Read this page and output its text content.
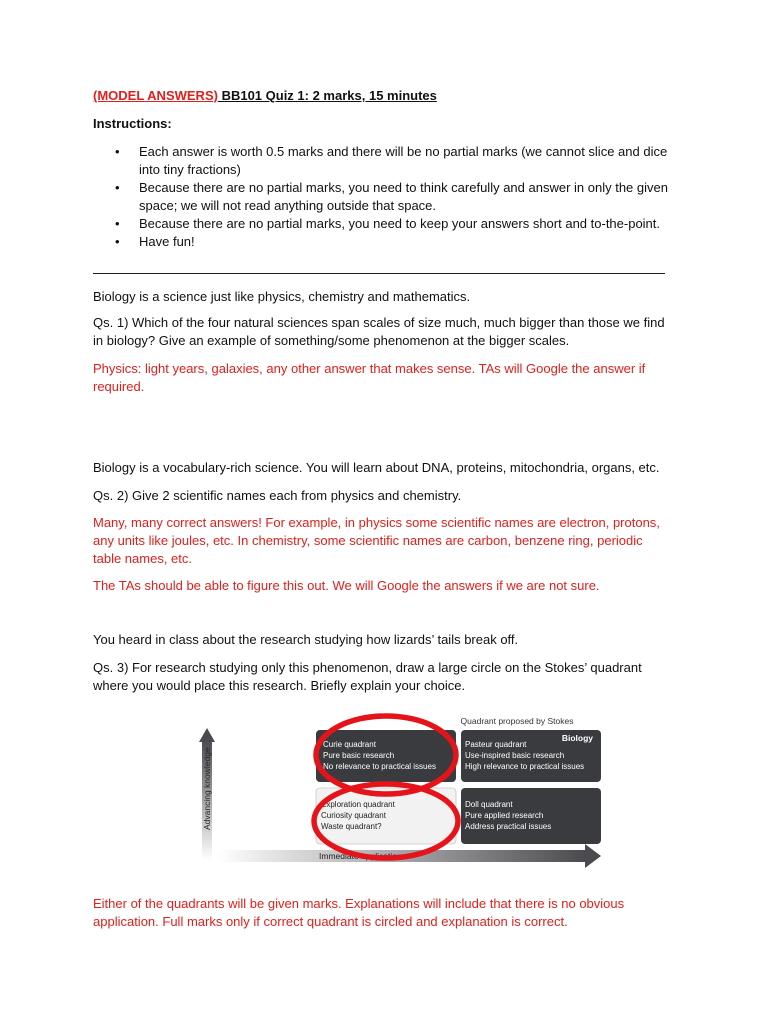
(MODEL ANSWERS) BB101 Quiz 1: 2 marks, 15 minutes
Instructions:
• Each answer is worth 0.5 marks and there will be no partial marks (we cannot slice and dice into tiny fractions)
• Because there are no partial marks, you need to think carefully and answer in only the given space; we will not read anything outside that space.
• Because there are no partial marks, you need to keep your answers short and to-the-point.
• Have fun!
Biology is a science just like physics, chemistry and mathematics.
Qs. 1) Which of the four natural sciences span scales of size much, much bigger than those we find in biology? Give an example of something/some phenomenon at the bigger scales.
Physics: light years, galaxies, any other answer that makes sense. TAs will Google the answer if required.
Biology is a vocabulary-rich science. You will learn about DNA, proteins, mitochondria, organs, etc.
Qs. 2) Give 2 scientific names each from physics and chemistry.
Many, many correct answers! For example, in physics some scientific names are electron, protons, any units like joules, etc. In chemistry, some scientific names are carbon, benzene ring, periodic table names, etc.
The TAs should be able to figure this out. We will Google the answers if we are not sure.
You heard in class about the research studying how lizards’ tails break off.
Qs. 3) For research studying only this phenomenon, draw a large circle on the Stokes’ quadrant where you would place this research. Briefly explain your choice.
Quadrant proposed by Stokes
Advancing knowledge
Immediate application
Curie quadrant Pure basic research No relevance to practical issues
Biology
Pasteur quadrant Use-inspired basic research High relevance to practical issues
Exploration quadrant Curiosity quadrant Waste quadrant?
Doll quadrant Pure applied research Address practical issues
Either of the quadrants will be given marks. Explanations will include that there is no obvious application. Full marks only if correct quadrant is circled and explanation is correct.
